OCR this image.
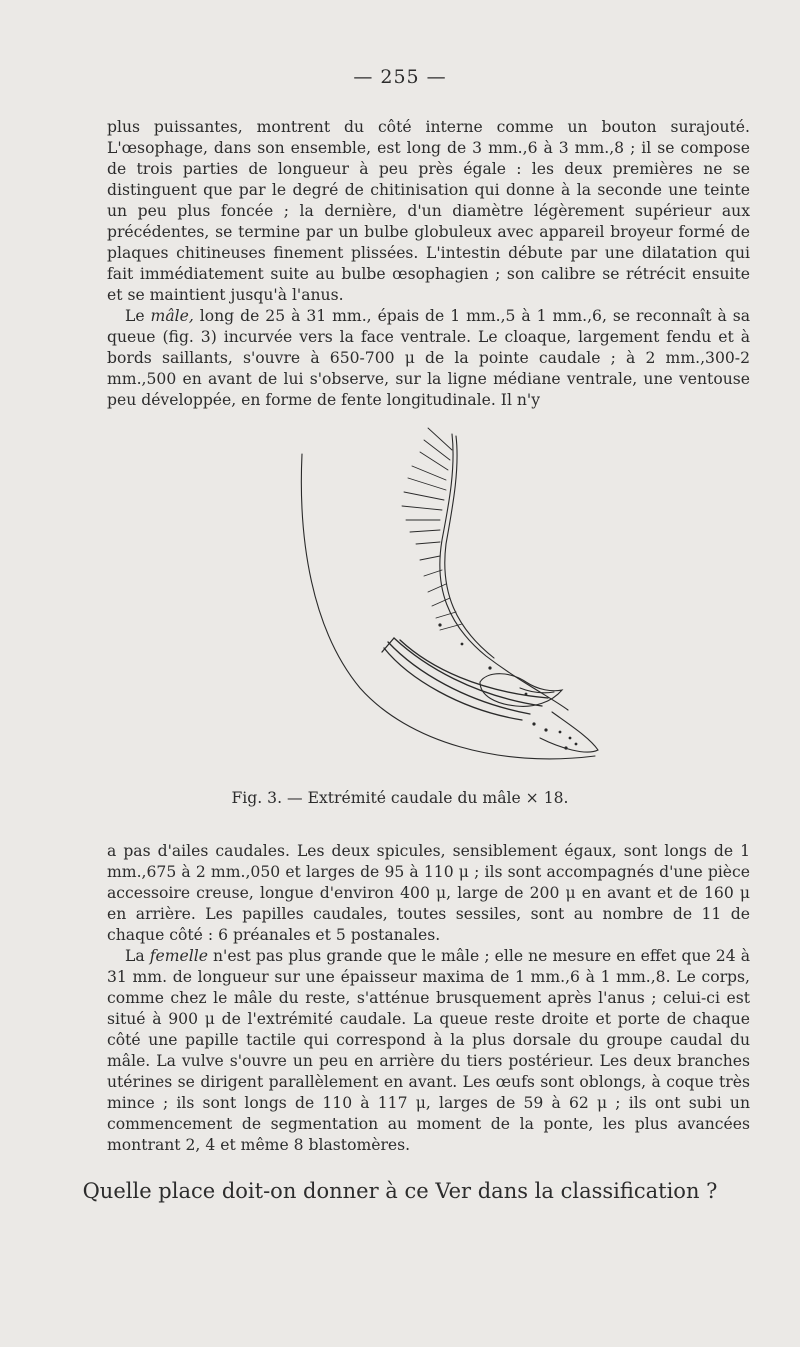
— 255 —

plus puissantes, montrent du côté interne comme un bouton surajouté. L'œsophage, dans son ensemble, est long de 3 mm.,6 à 3 mm.,8 ; il se compose de trois parties de longueur à peu près égale : les deux premières ne se distinguent que par le degré de chitinisation qui donne à la seconde une teinte un peu plus foncée ; la dernière, d'un diamètre légèrement supérieur aux précédentes, se termine par un bulbe globuleux avec appareil broyeur formé de plaques chitineuses finement plissées. L'intestin débute par une dilatation qui fait immédiatement suite au bulbe œsophagien ; son calibre se rétrécit ensuite et se maintient jusqu'à l'anus.

Le mâle, long de 25 à 31 mm., épais de 1 mm.,5 à 1 mm.,6, se reconnaît à sa queue (fig. 3) incurvée vers la face ventrale. Le cloaque, largement fendu et à bords saillants, s'ouvre à 650-700 μ de la pointe caudale ; à 2 mm.,300-2 mm.,500 en avant de lui s'observe, sur la ligne médiane ventrale, une ventouse peu développée, en forme de fente longitudinale. Il n'y

Fig. 3. — Extrémité caudale du mâle × 18.

a pas d'ailes caudales. Les deux spicules, sensiblement égaux, sont longs de 1 mm.,675 à 2 mm.,050 et larges de 95 à 110 μ ; ils sont accompagnés d'une pièce accessoire creuse, longue d'environ 400 μ, large de 200 μ en avant et de 160 μ en arrière. Les papilles caudales, toutes sessiles, sont au nombre de 11 de chaque côté : 6 préanales et 5 postanales.

La femelle n'est pas plus grande que le mâle ; elle ne mesure en effet que 24 à 31 mm. de longueur sur une épaisseur maxima de 1 mm.,6 à 1 mm.,8. Le corps, comme chez le mâle du reste, s'atténue brusquement après l'anus ; celui-ci est situé à 900 μ de l'extrémité caudale. La queue reste droite et porte de chaque côté une papille tactile qui correspond à la plus dorsale du groupe caudal du mâle. La vulve s'ouvre un peu en arrière du tiers postérieur. Les deux branches utérines se dirigent parallèlement en avant. Les œufs sont oblongs, à coque très mince ; ils sont longs de 110 à 117 μ, larges de 59 à 62 μ ; ils ont subi un commencement de segmentation au moment de la ponte, les plus avancées montrant 2, 4 et même 8 blastomères.

Quelle place doit-on donner à ce Ver dans la classification ?
